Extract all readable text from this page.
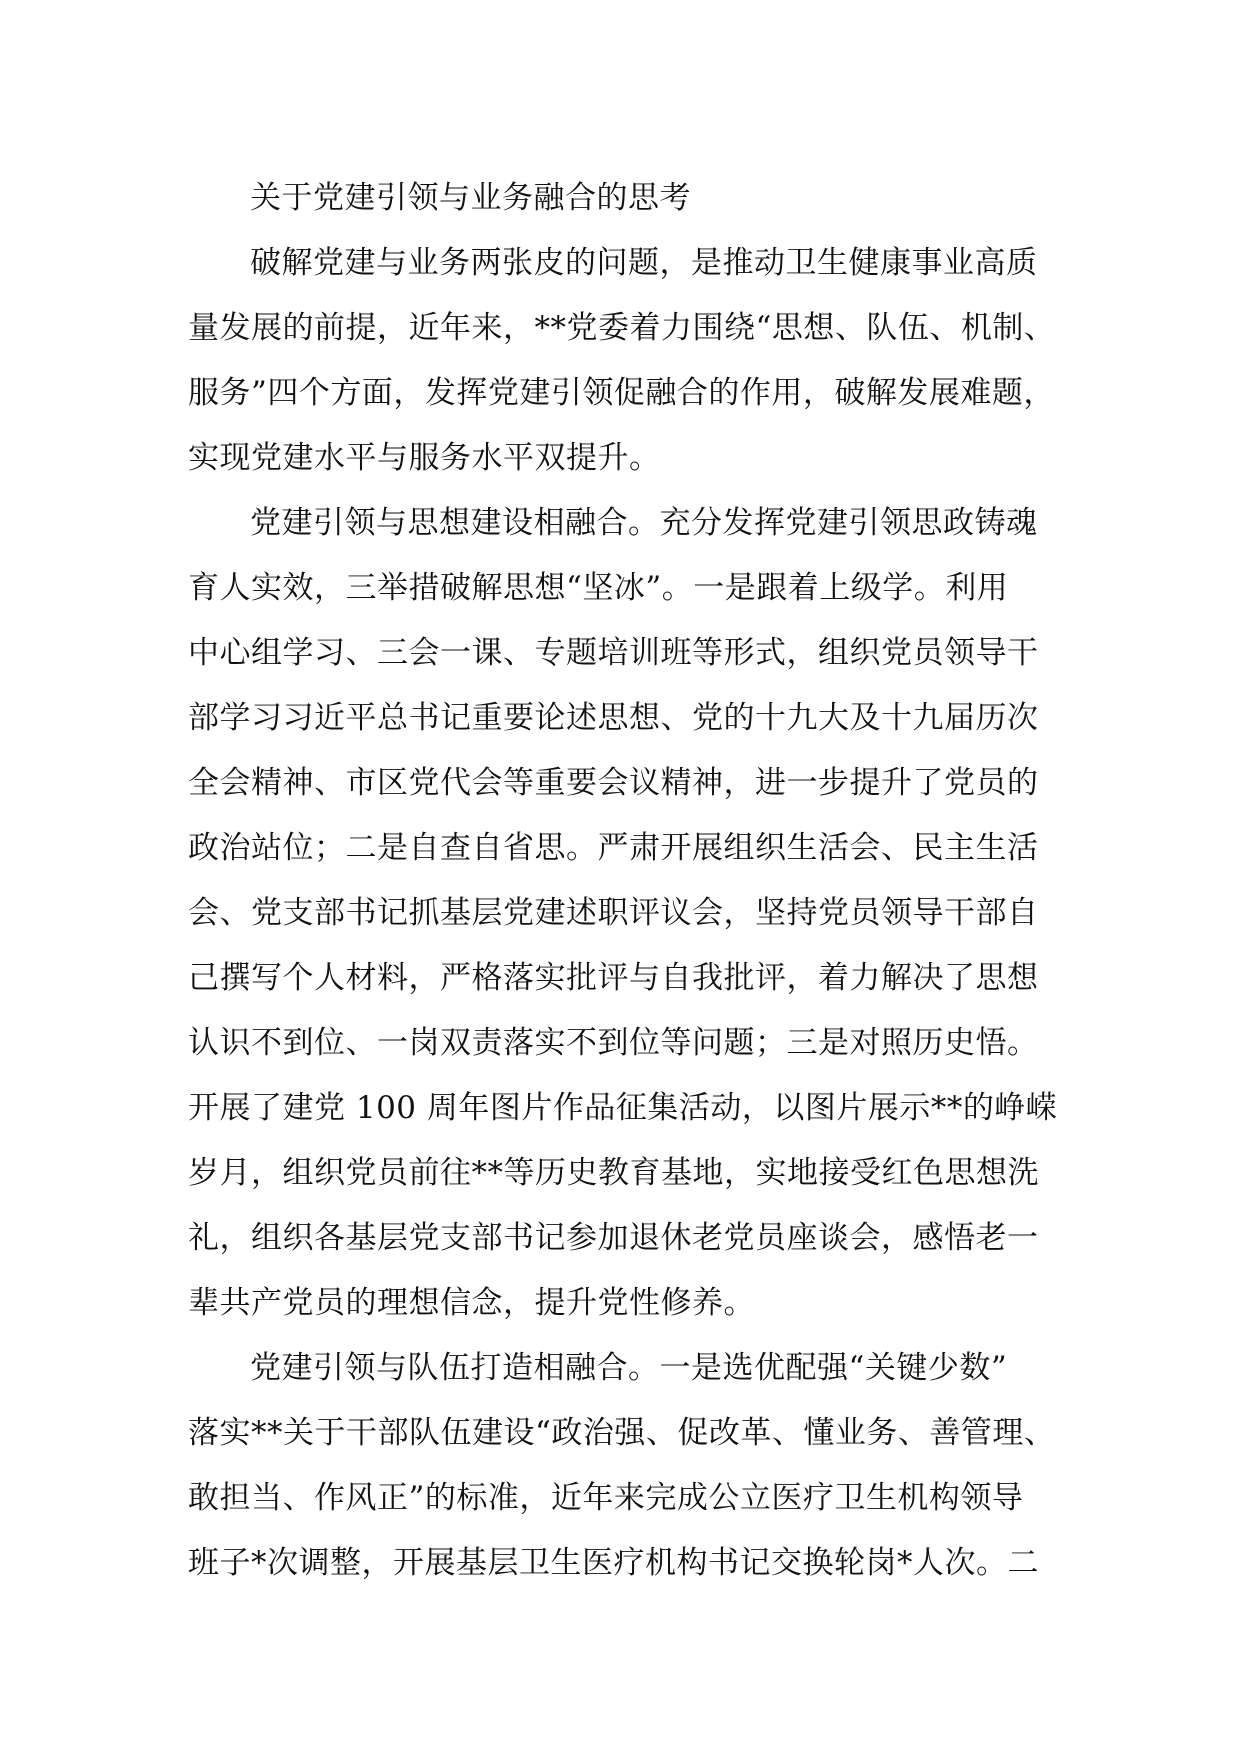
关于党建引领与业务融合的思考
破解党建与业务两张皮的问题，是推动卫生健康事业高质
量发展的前提，近年来，**党委着力围绕“思想、队伍、机制、
服务”四个方面，发挥党建引领促融合的作用，破解发展难题，
实现党建水平与服务水平双提升。
党建引领与思想建设相融合。充分发挥党建引领思政铸魂
育人实效，三举措破解思想“坚冰”。一是跟着上级学。利用
中心组学习、三会一课、专题培训班等形式，组织党员领导干
部学习习近平总书记重要论述思想、党的十九大及十九届历次
全会精神、市区党代会等重要会议精神，进一步提升了党员的
政治站位；二是自查自省思。严肃开展组织生活会、民主生活
会、党支部书记抓基层党建述职评议会，坚持党员领导干部自
己撰写个人材料，严格落实批评与自我批评，着力解决了思想
认识不到位、一岗双责落实不到位等问题；三是对照历史悟。
开展了建党 100 周年图片作品征集活动，以图片展示**的峥嵘
岁月，组织党员前往**等历史教育基地，实地接受红色思想洗
礼，组织各基层党支部书记参加退休老党员座谈会，感悟老一
辈共产党员的理想信念，提升党性修养。
党建引领与队伍打造相融合。一是选优配强“关键少数”
落实**关于干部队伍建设“政治强、促改革、懂业务、善管理、
敢担当、作风正”的标准，近年来完成公立医疗卫生机构领导
班子*次调整，开展基层卫生医疗机构书记交换轮岗*人次。二
